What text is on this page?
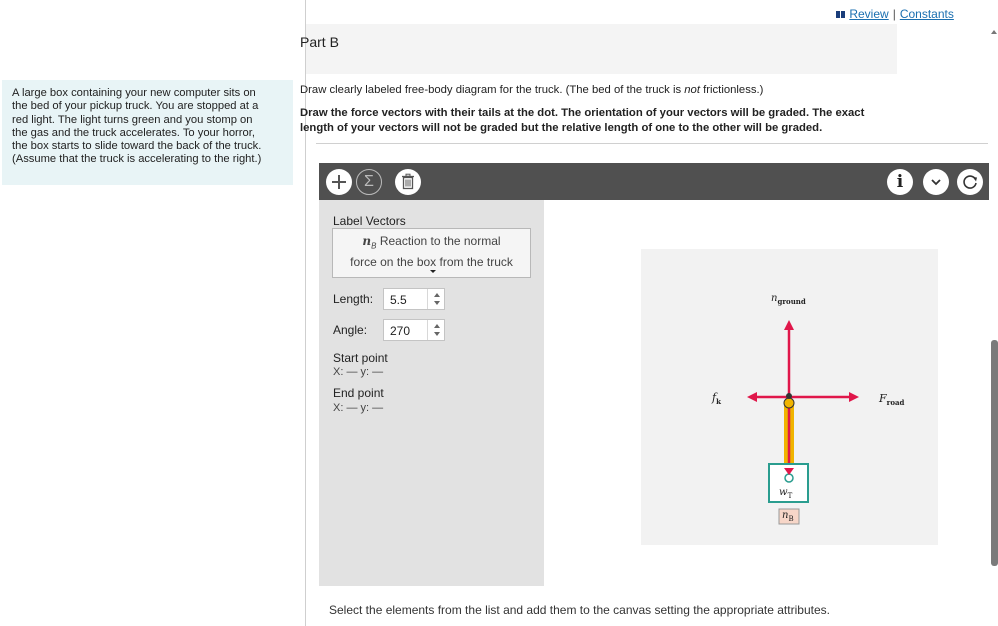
A large box containing your new computer sits on
the bed of your pickup truck. You are stopped at a
red light. The light turns green and you stomp on
the gas and the truck accelerates. To your horror,
the box starts to slide toward the back of the truck.
(Assume that the truck is accelerating to the right.)
Review | Constants
Part B
Draw clearly labeled free-body diagram for the truck. (The bed of the truck is not frictionless.)
Draw the force vectors with their tails at the dot. The orientation of your vectors will be graded. The exact
length of your vectors will not be graded but the relative length of one to the other will be graded.
Σ	i
Label Vectors
$n_B$ Reaction to the normal
force on the box from the truck
Length: 5.5
Angle: 270
Start point
X: — y: —
End point
X: — y: —
$n_{ground}$
$f_k$	$F_{road}$
$w_T$
$n_B$
Select the elements from the list and add them to the canvas setting the appropriate attributes.
